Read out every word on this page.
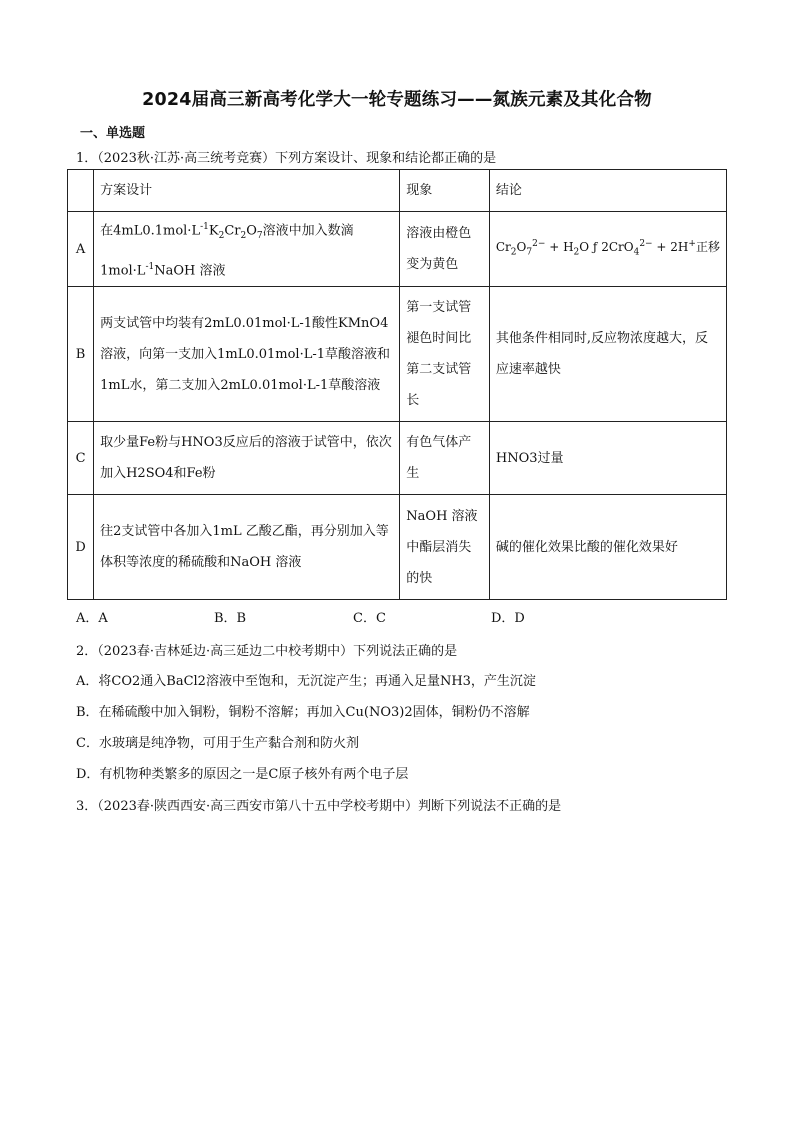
2024届高三新高考化学大一轮专题练习——氮族元素及其化合物
一、单选题
1．（2023秋·江苏·高三统考竞赛）下列方案设计、现象和结论都正确的是
	方案设计	现象	结论
A	在$4mL0.1mol\cdot L^{-1}K_2Cr_2O_7$溶液中加入数滴
$1mol\cdot L^{-1}NaOH$ 溶液	溶液由橙色变为黄色	$Cr_2O_7^{2-} + H_2O$ ƒ 2CrO$_4^{2-}$ + 2H+正移
B	两支试管中均装有2mL0.01mol·L-1酸性KMnO4溶液，向第一支加入1mL0.01mol·L-1草酸溶液和1mL水，第二支加入2mL0.01mol·L-1草酸溶液	第一支试管褪色时间比第二支试管长	其他条件相同时,反应物浓度越大，反应速率越快
C	取少量Fe粉与HNO3反应后的溶液于试管中，依次加入H2SO4和Fe粉	有色气体产生	HNO3过量
D	往2支试管中各加入1mL 乙酸乙酯，再分别加入等体积等浓度的稀硫酸和NaOH 溶液	NaOH 溶液中酯层消失的快	碱的催化效果比酸的催化效果好
A．A	B．B	C．C	D．D
2．（2023春·吉林延边·高三延边二中校考期中）下列说法正确的是
A．将CO2通入BaCl2溶液中至饱和，无沉淀产生；再通入足量NH3，产生沉淀
B．在稀硫酸中加入铜粉，铜粉不溶解；再加入Cu(NO3)2固体，铜粉仍不溶解
C．水玻璃是纯净物，可用于生产黏合剂和防火剂
D．有机物种类繁多的原因之一是C原子核外有两个电子层
3．（2023春·陕西西安·高三西安市第八十五中学校考期中）判断下列说法不正确的是
